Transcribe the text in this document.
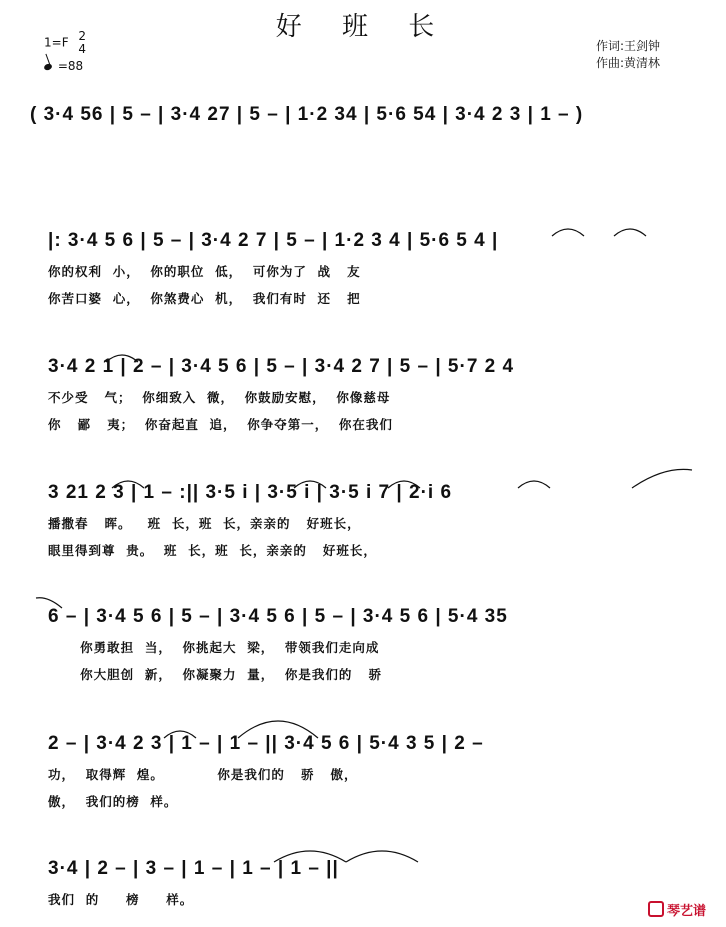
好 班 长
1=F 2
4
=88
作词:王剑钟
作曲:黄清林
( 3·4 56 | 5 – | 3·4 27 | 5 – | 1·2 34 | 5·6 54 | 3·4 2 3 | 1 – )
|: 3·4 5 6 | 5 – | 3·4 2 7 | 5 – | 1·2 3 4 | 5·6 5 4 |
你的权利  小，  你的职位  低，  可你为了  战   友
你苦口婆  心，  你煞费心  机，  我们有时  还   把
3·4 2 1 | 2 – | 3·4 5 6 | 5 – | 3·4 2 7 | 5 – | 5·7 2 4
不少受   气；  你细致入  微，  你鼓励安慰，  你像慈母
你   鄙   夷；  你奋起直  追，  你争夺第一，  你在我们
3 21 2 3 | 1 – :|| 3·5 i | 3·5 i | 3·5 i 7 | 2·i 6
播撒春   晖。   班  长，班  长，亲亲的   好班长，
眼里得到尊  贵。  班  长，班  长，亲亲的   好班长，
6 – | 3·4 5 6 | 5 – | 3·4 5 6 | 5 – | 3·4 5 6 | 5·4 35
你勇敢担  当，  你挑起大  梁，  带领我们走向成
你大胆创  新，  你凝聚力  量，  你是我们的   骄
2 – | 3·4 2 3 | 1 – | 1 – || 3·4 5 6 | 5·4 3 5 | 2 –
功，  取得辉  煌。          你是我们的   骄   傲，
傲，  我们的榜  样。
3·4 | 2 – | 3 – | 1 – | 1 – | 1 – ||
我们  的     榜     样。
琴艺谱
